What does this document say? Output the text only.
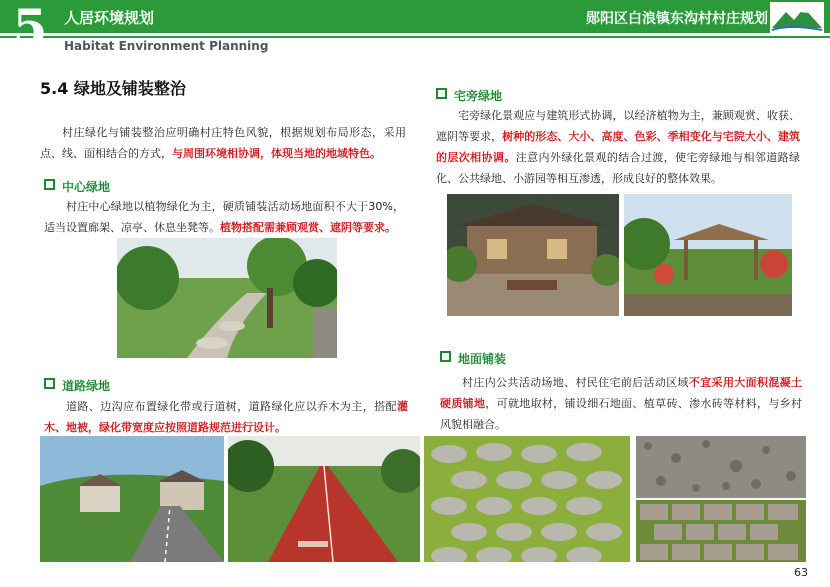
5	人居环境规划
Habitat Environment Planning
郧阳区白浪镇东沟村村庄规划
5.4 绿地及铺装整治
村庄绿化与铺装整治应明确村庄特色风貌，根据规划布局形态，采用点、线、面相结合的方式，与周围环境相协调，体现当地的地域特色。
中心绿地
村庄中心绿地以植物绿化为主，硬质铺装活动场地面积不大于30%，适当设置廊架、凉亭、休息坐凳等。植物搭配需兼顾观赏、遮阴等要求。
道路绿地
道路、边沟应布置绿化带或行道树，道路绿化应以乔木为主，搭配灌木、地被，绿化带宽度应按照道路规范进行设计。
宅旁绿地
宅旁绿化景观应与建筑形式协调，以经济植物为主，兼顾观赏、收获、遮阴等要求，树种的形态、大小、高度、色彩、季相变化与宅院大小、建筑的层次相协调。注意内外绿化景观的结合过渡，使宅旁绿地与相邻道路绿化、公共绿地、小游园等相互渗透，形成良好的整体效果。
地面铺装
村庄内公共活动场地、村民住宅前后活动区域不宜采用大面积混凝土硬质铺地，可就地取材，铺设细石地面、植草砖、渗水砖等材料，与乡村风貌相融合。
63
